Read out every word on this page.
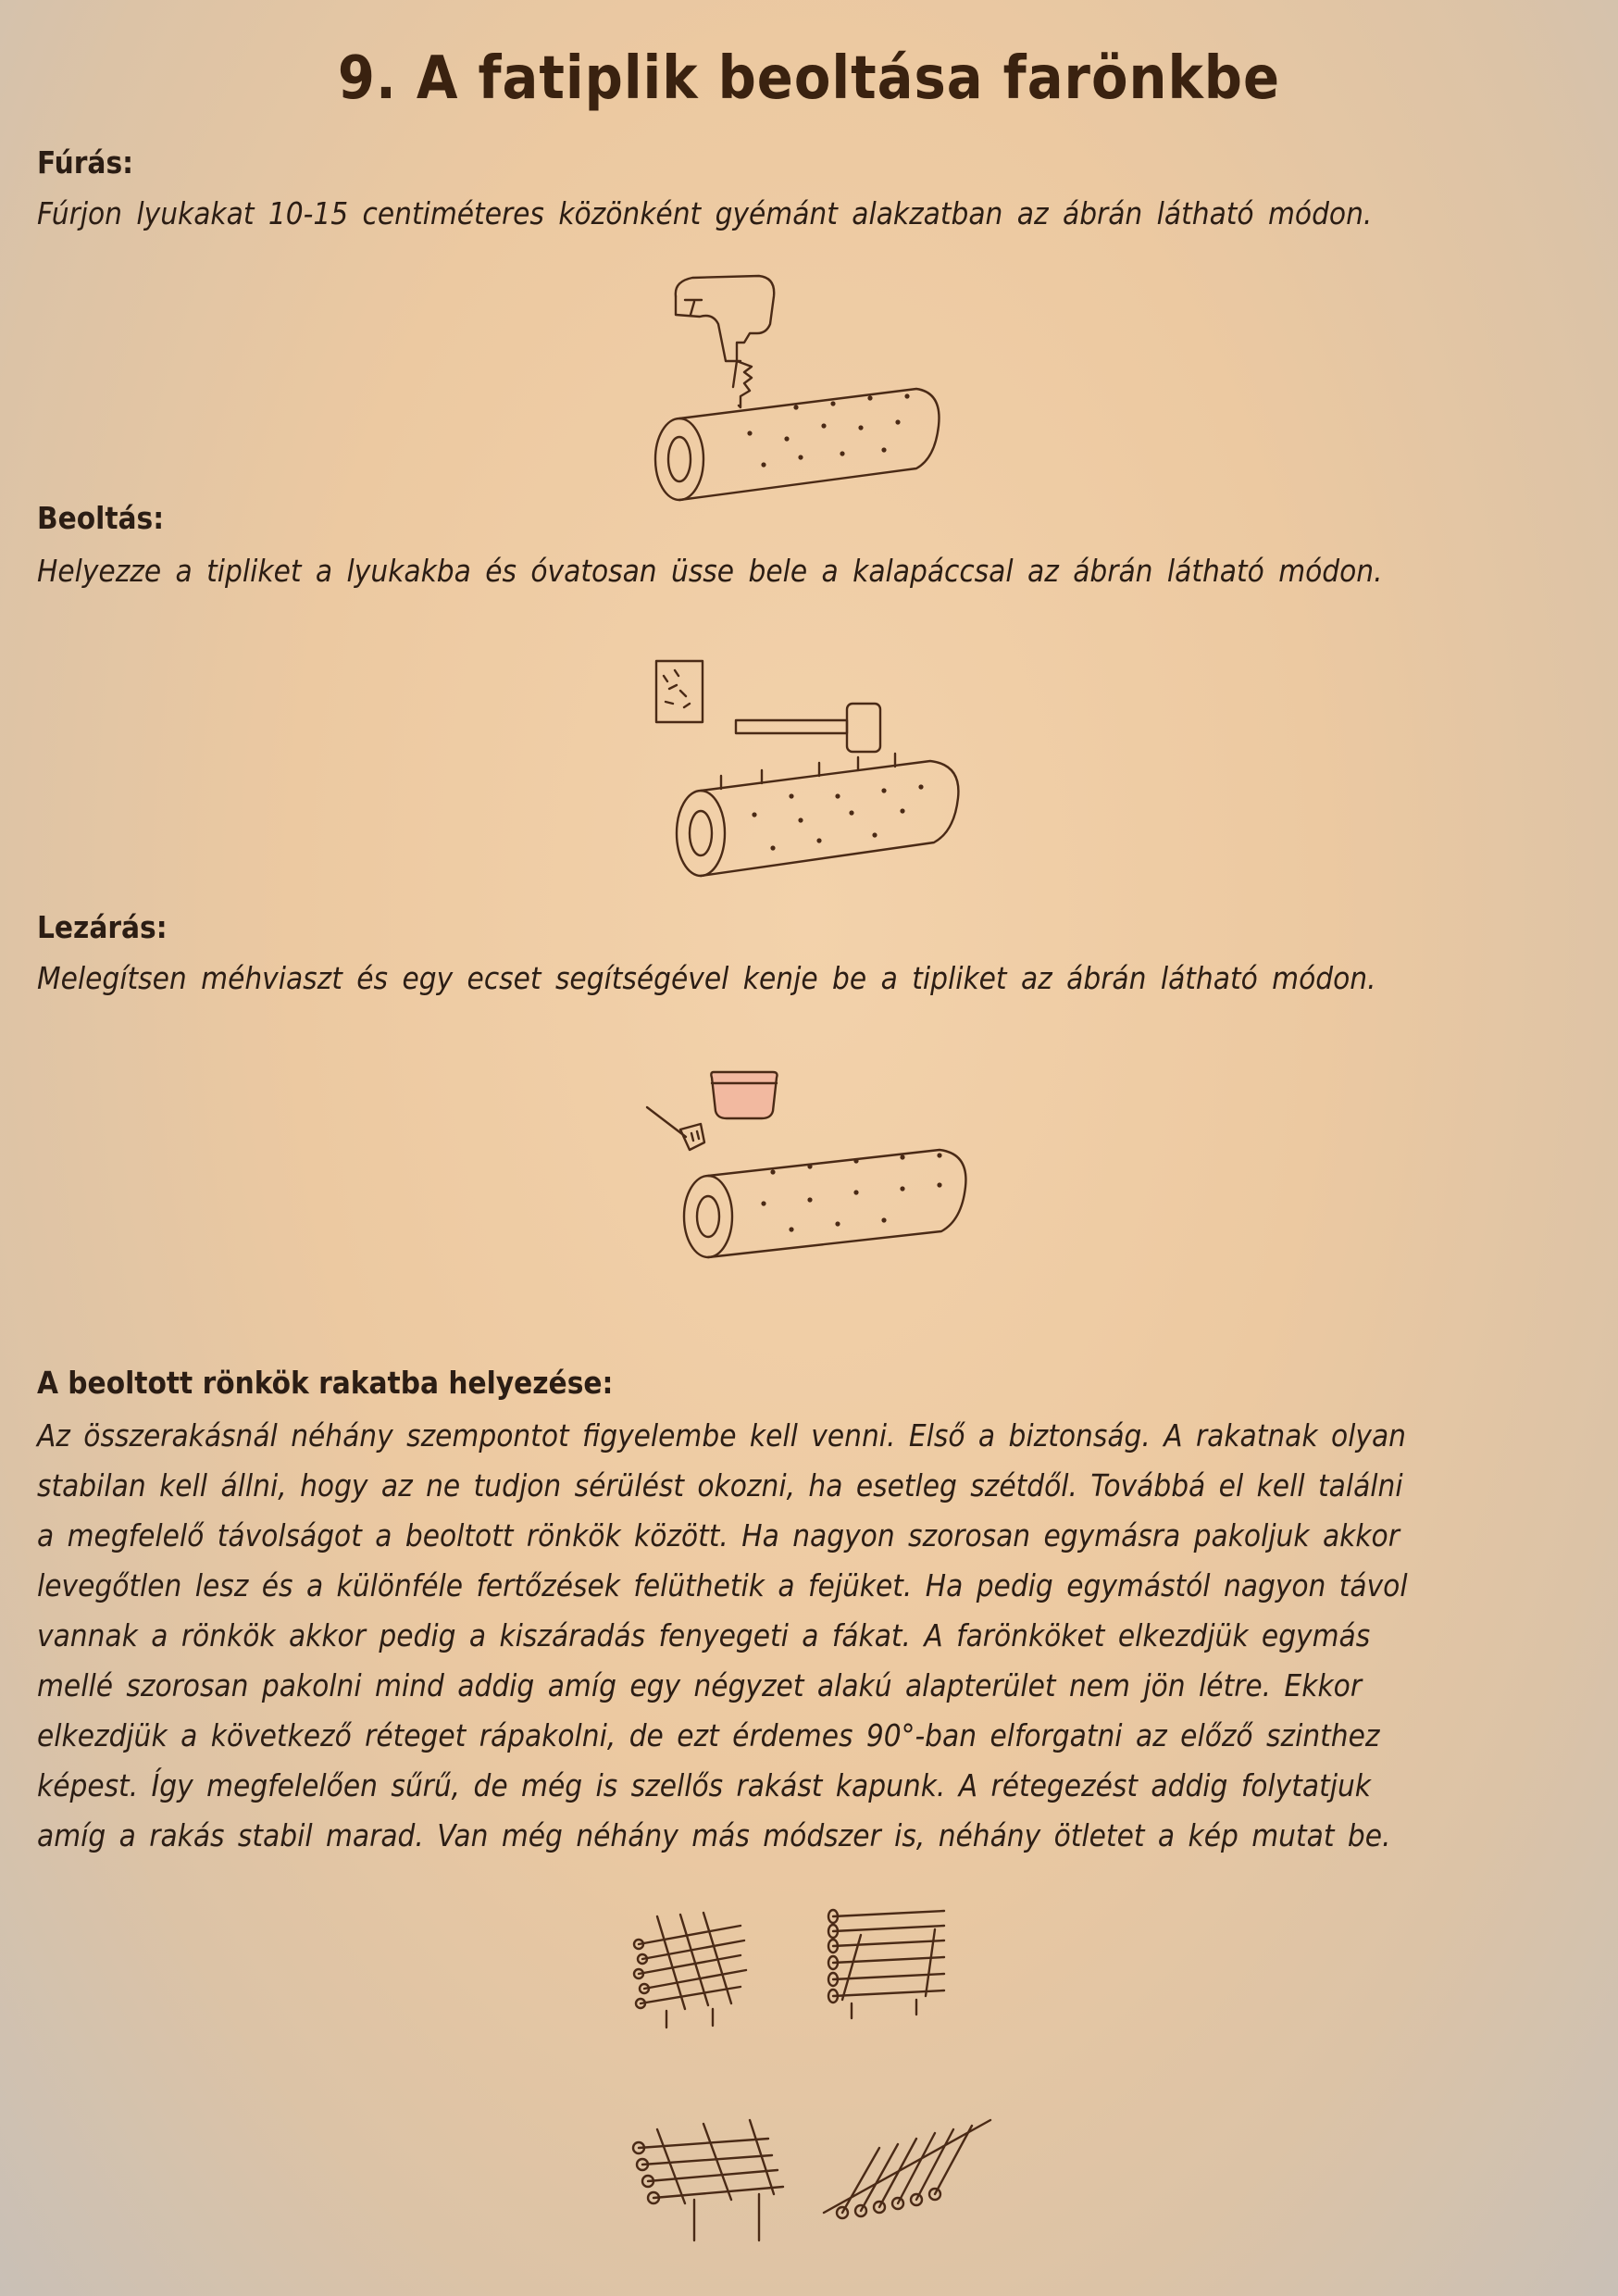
9. A fatiplik beoltása farönkbe
Fúrás:
Fúrjon lyukakat 10-15 centiméteres közönként gyémánt alakzatban az ábrán látható módon.
Beoltás:
Helyezze a tipliket a lyukakba és óvatosan üsse bele a kalapáccsal az ábrán látható módon.
Lezárás:
Melegítsen méhviaszt és egy ecset segítségével kenje be a tipliket az ábrán látható módon.
A beoltott rönkök rakatba helyezése:
Az összerakásnál néhány szempontot figyelembe kell venni. Első a biztonság. A rakatnak olyan
stabilan kell állni, hogy az ne tudjon sérülést okozni, ha esetleg szétdől. Továbbá el kell találni
a megfelelő távolságot a beoltott rönkök között. Ha nagyon szorosan egymásra pakoljuk akkor
levegőtlen lesz és a különféle fertőzések felüthetik a fejüket. Ha pedig egymástól nagyon távol
vannak a rönkök akkor pedig a kiszáradás fenyegeti a fákat. A farönköket elkezdjük egymás
mellé szorosan pakolni mind addig amíg egy négyzet alakú alapterület nem jön létre. Ekkor
elkezdjük a következő réteget rápakolni, de ezt érdemes 90°-ban elforgatni az előző szinthez
képest. Így megfelelően sűrű, de még is szellős rakást kapunk. A rétegezést addig folytatjuk
amíg a rakás stabil marad. Van még néhány más módszer is, néhány ötletet a kép mutat be.
